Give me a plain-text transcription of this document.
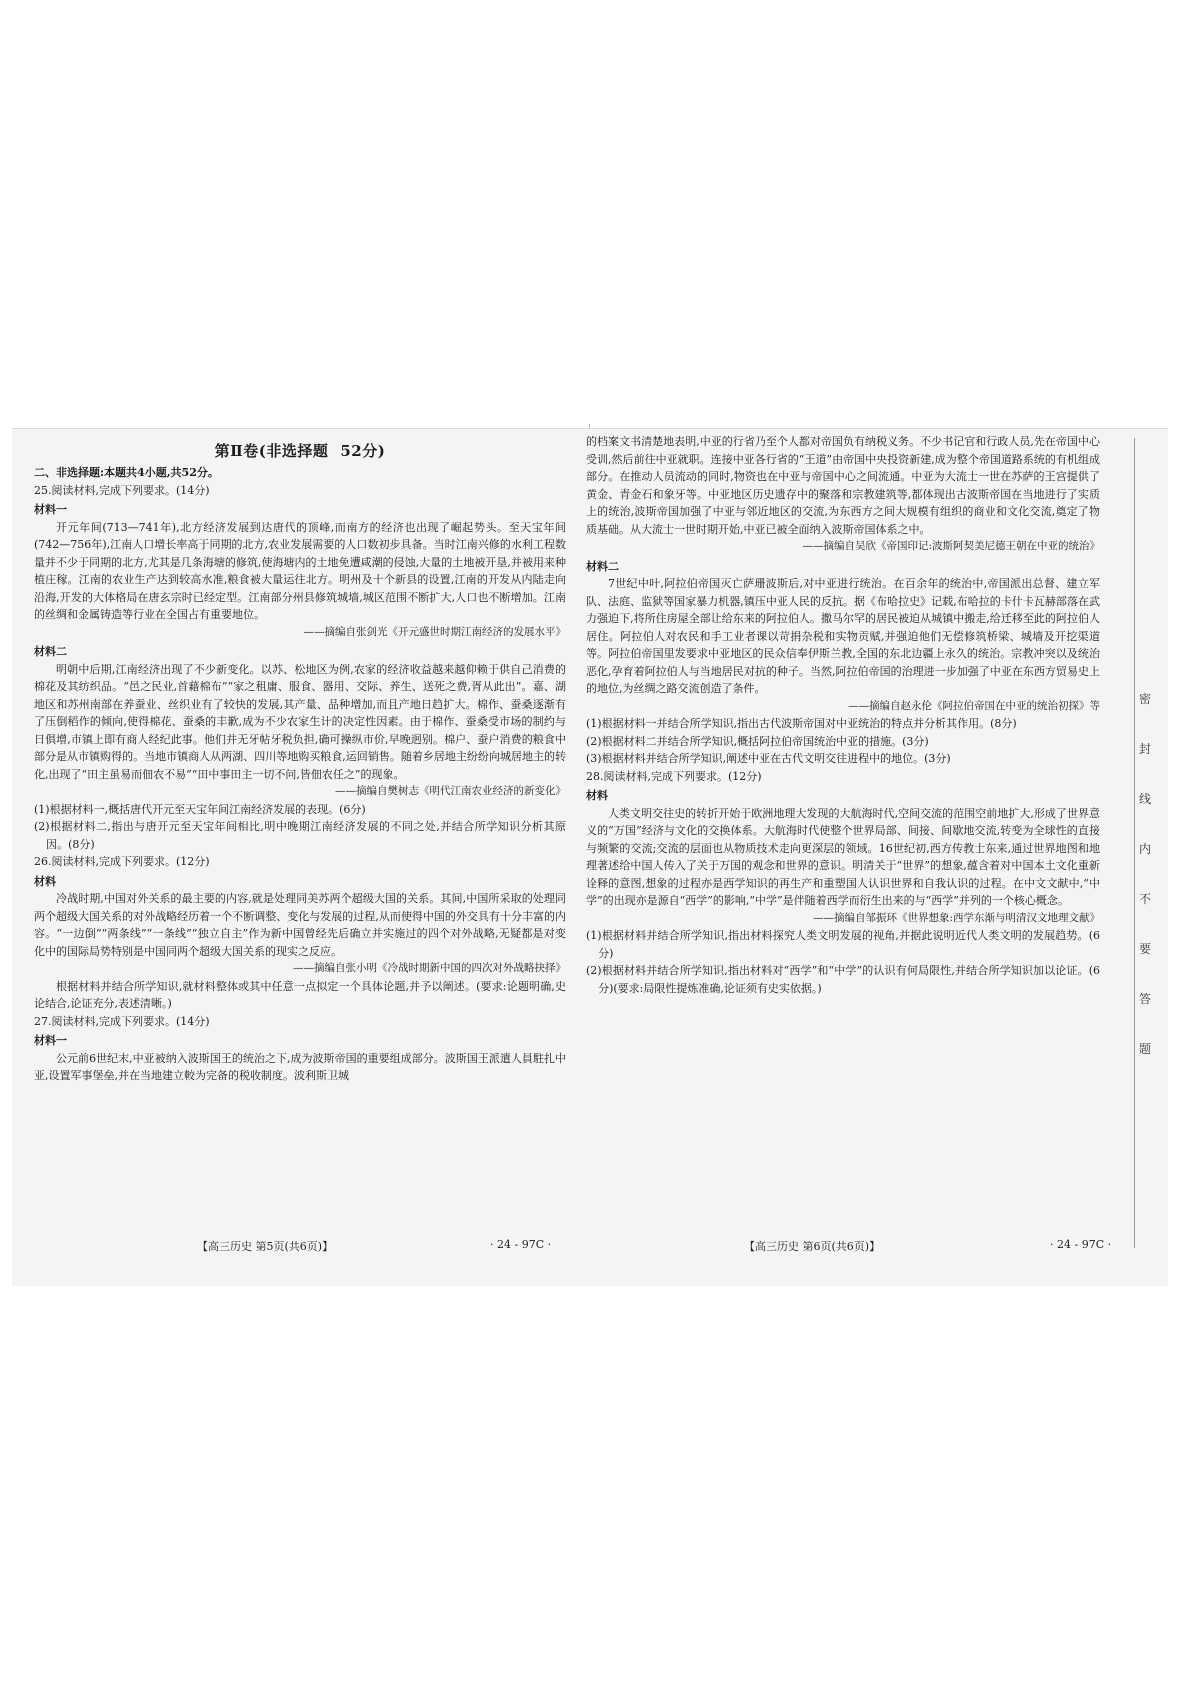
第Ⅱ卷(非选择题 52分)

二、非选择题:本题共4小题,共52分。

25.阅读材料,完成下列要求。(14分)

材料一

开元年间(713—741年),北方经济发展到达唐代的顶峰,而南方的经济也出现了崛起势头。至天宝年间(742—756年),江南人口增长率高于同期的北方,农业发展需要的人口数初步具备。当时江南兴修的水利工程数量并不少于同期的北方,尤其是几条海塘的修筑,使海塘内的土地免遭咸潮的侵蚀,大量的土地被开垦,并被用来种植庄稼。江南的农业生产达到较高水准,粮食被大量运往北方。明州及十个新县的设置,江南的开发从内陆走向沿海,开发的大体格局在唐玄宗时已经定型。江南部分州县修筑城墙,城区范围不断扩大,人口也不断增加。江南的丝绸和金属铸造等行业在全国占有重要地位。

——摘编自张剑光《开元盛世时期江南经济的发展水平》

材料二

明朝中后期,江南经济出现了不少新变化。以苏、松地区为例,农家的经济收益越来越仰赖于供自己消费的棉花及其纺织品。“邑之民业,首藉棉布”“家之租庸、服食、器用、交际、养生、送死之费,胥从此出”。嘉、湖地区和苏州南部在养蚕业、丝织业有了较快的发展,其产量、品种增加,而且产地日趋扩大。棉作、蚕桑逐渐有了压倒稻作的倾向,使得棉花、蚕桑的丰歉,成为不少农家生计的决定性因素。由于棉作、蚕桑受市场的制约与日俱增,市镇上即有商人经纪此事。他们并无牙帖牙税负担,确可操纵市价,早晚迥别。棉户、蚕户消费的粮食中部分是从市镇购得的。当地市镇商人从两湖、四川等地购买粮食,运回销售。随着乡居地主纷纷向城居地主的转化,出现了“田主虽易而佃农不易”“田中事田主一切不问,皆佃农任之”的现象。

——摘编自樊树志《明代江南农业经济的新变化》

(1)根据材料一,概括唐代开元至天宝年间江南经济发展的表现。(6分)

(2)根据材料二,指出与唐开元至天宝年间相比,明中晚期江南经济发展的不同之处,并结合所学知识分析其原因。(8分)

26.阅读材料,完成下列要求。(12分)

材料

冷战时期,中国对外关系的最主要的内容,就是处理同美苏两个超级大国的关系。其间,中国所采取的处理同两个超级大国关系的对外战略经历着一个不断调整、变化与发展的过程,从而使得中国的外交具有十分丰富的内容。“一边倒”“两条线”“一条线”“独立自主”作为新中国曾经先后确立并实施过的四个对外战略,无疑都是对变化中的国际局势特别是中国同两个超级大国关系的现实之反应。

——摘编自张小明《冷战时期新中国的四次对外战略抉择》

根据材料并结合所学知识,就材料整体或其中任意一点拟定一个具体论题,并予以阐述。(要求:论题明确,史论结合,论证充分,表述清晰。)

27.阅读材料,完成下列要求。(14分)

材料一

公元前6世纪末,中亚被纳入波斯国王的统治之下,成为波斯帝国的重要组成部分。波斯国王派遣人員駐扎中亚,设置军事堡垒,并在当地建立較为完备的税收制度。波利斯卫城

的档案文书清楚地表明,中亚的行省乃至个人都对帝国负有纳税义务。不少书记官和行政人员,先在帝国中心受训,然后前往中亚就职。连接中亚各行省的“王道”由帝国中央投资新建,成为整个帝国道路系统的有机组成部分。在推动人员流动的同时,物资也在中亚与帝国中心之间流通。中亚为大流士一世在苏萨的王宫提供了黄金、青金石和象牙等。中亚地区历史遗存中的聚落和宗教建筑等,都体现出古波斯帝国在当地进行了实质上的统治,波斯帝国加强了中亚与邻近地区的交流,为东西方之间大规模有组织的商业和文化交流,奠定了物质基础。从大流士一世时期开始,中亚已被全面纳入波斯帝国体系之中。

——摘编自吴欣《帝国印记:波斯阿契美尼德王朝在中亚的统治》

材料二

7世纪中叶,阿拉伯帝国灭亡萨珊波斯后,对中亚进行统治。在百余年的统治中,帝国派出总督、建立军队、法庭、监狱等国家暴力机器,镇压中亚人民的反抗。据《布哈拉史》记载,布哈拉的卡什卡瓦赫部落在武力强迫下,将所住房屋全部让给东来的阿拉伯人。撒马尔罕的居民被迫从城镇中搬走,给迁移至此的阿拉伯人居住。阿拉伯人对农民和手工业者课以苛捐杂税和实物贡赋,并强迫他们无偿修筑桥梁、城墙及开挖渠道等。阿拉伯帝国里发要求中亚地区的民众信奉伊斯兰教,全国的东北边疆上永久的统治。宗教冲突以及统治恶化,孕育着阿拉伯人与当地居民对抗的种子。当然,阿拉伯帝国的治理进一步加强了中亚在东西方贸易史上的地位,为丝绸之路交流创造了条件。

——摘编自赵永伦《阿拉伯帝国在中亚的统治初探》等

(1)根据材料一并结合所学知识,指出古代波斯帝国对中亚统治的特点并分析其作用。(8分)

(2)根据材料二并结合所学知识,概括阿拉伯帝国统治中亚的措施。(3分)

(3)根据材料并结合所学知识,阐述中亚在古代文明交往进程中的地位。(3分)

28.阅读材料,完成下列要求。(12分)

材料

人类文明交往史的转折开始于欧洲地理大发现的大航海时代,空间交流的范围空前地扩大,形成了世界意义的“万国”经济与文化的交换体系。大航海时代使整个世界局部、间接、间歇地交流,转变为全球性的直接与频繁的交流;交流的层面也从物质技术走向更深层的领域。16世纪初,西方传教士东来,通过世界地图和地理著述给中国人传入了关于万国的观念和世界的意识。明清关于“世界”的想象,蕴含着对中国本土文化重新诠释的意图,想象的过程亦是西学知识的再生产和重塑国人认识世界和自我认识的过程。在中文文献中,“中学”的出现亦是源自“西学”的影响,“中学”是伴随着西学而衍生出来的与“西学”并列的一个核心概念。

——摘编自邹振环《世界想象:西学东渐与明清汉文地理文献》

(1)根据材料并结合所学知识,指出材料探究人类文明发展的视角,并据此说明近代人类文明的发展趋势。(6分)

(2)根据材料并结合所学知识,指出材料对“西学”和“中学”的认识有何局限性,并结合所学知识加以论证。(6分)(要求:局限性提炼准确,论证须有史实依据。)

【高三历史 第5页(共6页)】	· 24 - 97C ·	【高三历史 第6页(共6页)】	· 24 - 97C ·
密
封
线
内
不
要
答
题
